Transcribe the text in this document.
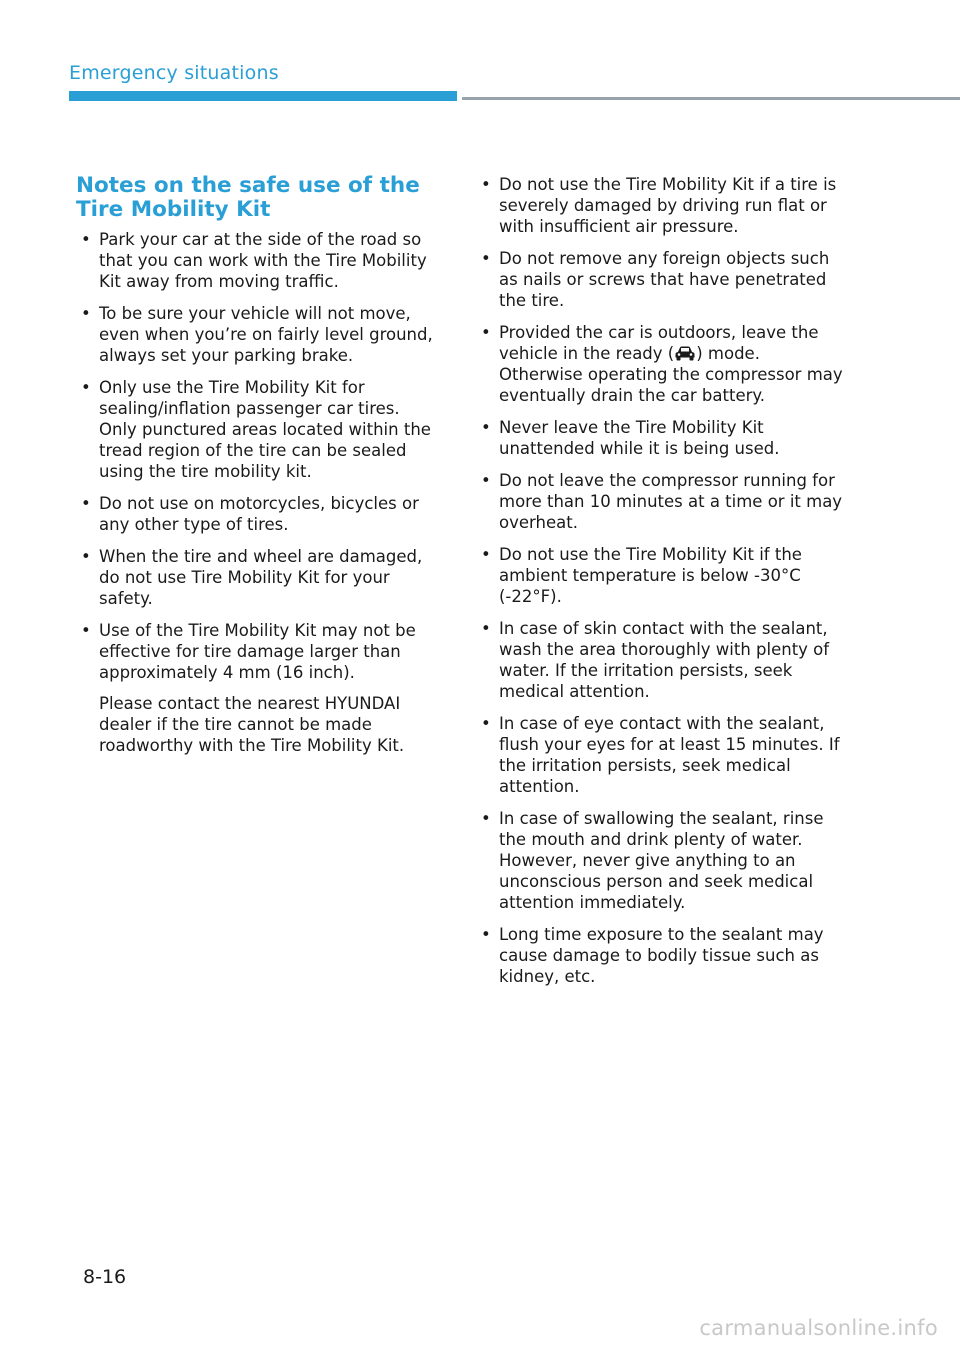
Emergency situations
Notes on the safe use of the Tire Mobility Kit
• Park your car at the side of the road so that you can work with the Tire Mobility Kit away from moving traffic.
• To be sure your vehicle will not move, even when you’re on fairly level ground, always set your parking brake.
• Only use the Tire Mobility Kit for sealing/inflation passenger car tires. Only punctured areas located within the tread region of the tire can be sealed using the tire mobility kit.
• Do not use on motorcycles, bicycles or any other type of tires.
• When the tire and wheel are damaged, do not use Tire Mobility Kit for your safety.
• Use of the Tire Mobility Kit may not be effective for tire damage larger than approximately 4 mm (16 inch).
Please contact the nearest HYUNDAI dealer if the tire cannot be made roadworthy with the Tire Mobility Kit.
• Do not use the Tire Mobility Kit if a tire is severely damaged by driving run flat or with insufficient air pressure.
• Do not remove any foreign objects such as nails or screws that have penetrated the tire.
• Provided the car is outdoors, leave the vehicle in the ready ( ) mode. Otherwise operating the compressor may eventually drain the car battery.
• Never leave the Tire Mobility Kit unattended while it is being used.
• Do not leave the compressor running for more than 10 minutes at a time or it may overheat.
• Do not use the Tire Mobility Kit if the ambient temperature is below -30°C (-22°F).
• In case of skin contact with the sealant, wash the area thoroughly with plenty of water. If the irritation persists, seek medical attention.
• In case of eye contact with the sealant, flush your eyes for at least 15 minutes. If the irritation persists, seek medical attention.
• In case of swallowing the sealant, rinse the mouth and drink plenty of water. However, never give anything to an unconscious person and seek medical attention immediately.
• Long time exposure to the sealant may cause damage to bodily tissue such as kidney, etc.
8-16
carmanualsonline.info
